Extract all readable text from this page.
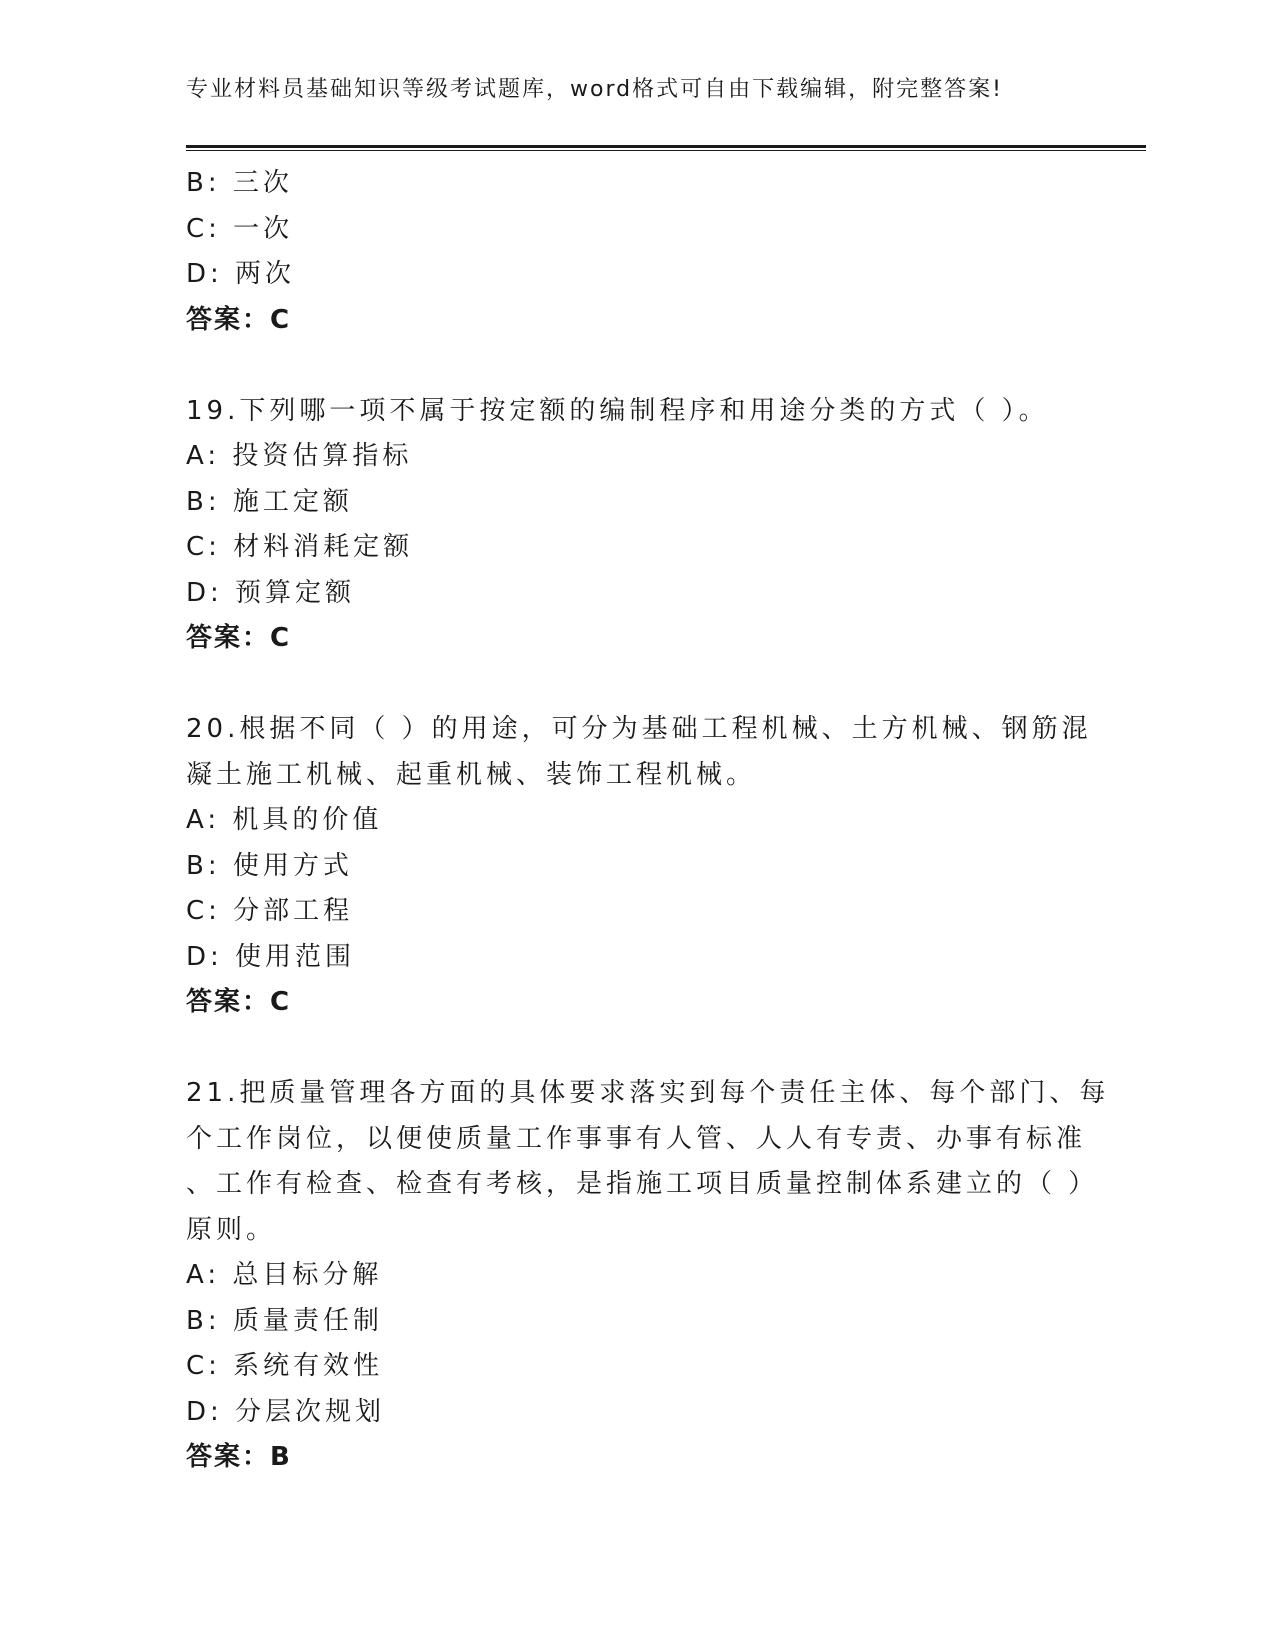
专业材料员基础知识等级考试题库，word格式可自由下载编辑，附完整答案!
B: 三次
C: 一次
D: 两次
答案：C
19.下列哪一项不属于按定额的编制程序和用途分类的方式（ ）。
A: 投资估算指标
B: 施工定额
C: 材料消耗定额
D: 预算定额
答案：C
20.根据不同（ ）的用途，可分为基础工程机械、土方机械、钢筋混
凝土施工机械、起重机械、装饰工程机械。
A: 机具的价值
B: 使用方式
C: 分部工程
D: 使用范围
答案：C
21.把质量管理各方面的具体要求落实到每个责任主体、每个部门、每
个工作岗位，以便使质量工作事事有人管、人人有专责、办事有标准
、工作有检查、检查有考核，是指施工项目质量控制体系建立的（ ）
原则。
A: 总目标分解
B: 质量责任制
C: 系统有效性
D: 分层次规划
答案：B
